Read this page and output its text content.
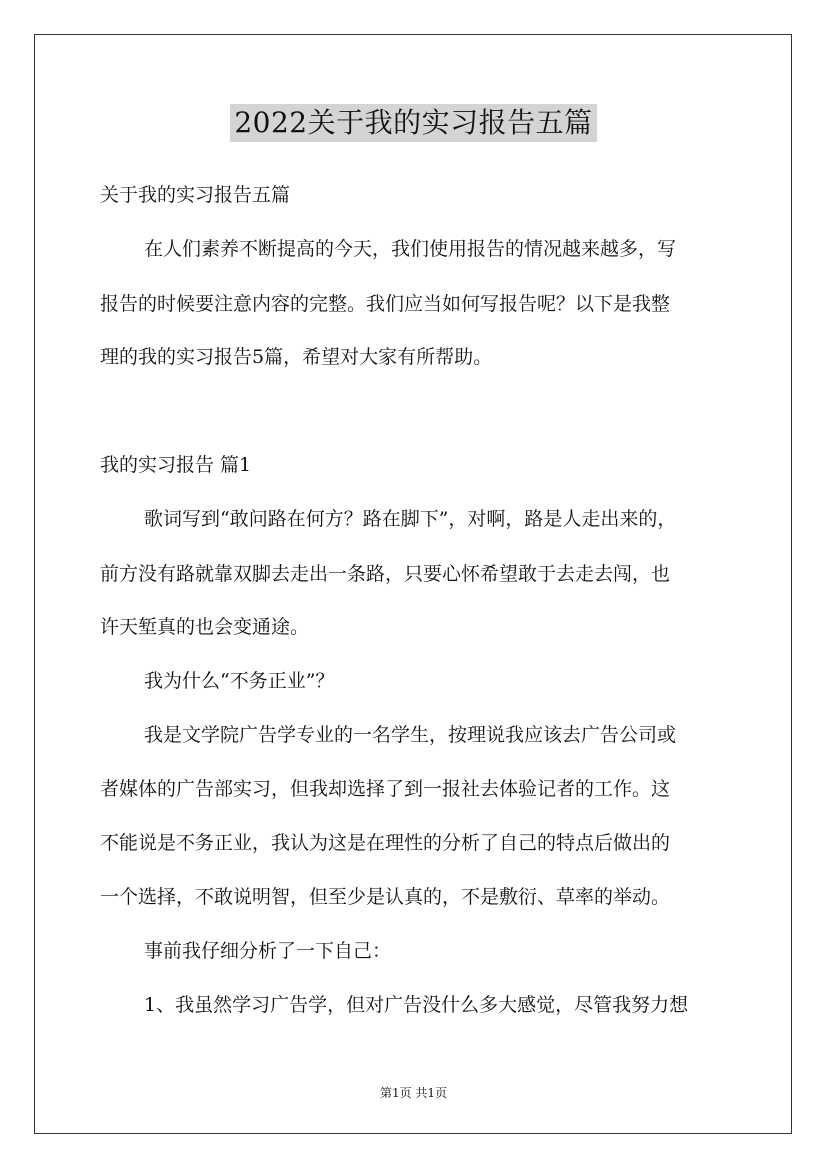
2022关于我的实习报告五篇
关于我的实习报告五篇
在人们素养不断提高的今天，我们使用报告的情况越来越多，写
报告的时候要注意内容的完整。我们应当如何写报告呢？以下是我整
理的我的实习报告5篇，希望对大家有所帮助。
我的实习报告 篇1
歌词写到“敢问路在何方？路在脚下”，对啊，路是人走出来的，
前方没有路就靠双脚去走出一条路，只要心怀希望敢于去走去闯，也
许天堑真的也会变通途。
我为什么“不务正业”？
我是文学院广告学专业的一名学生，按理说我应该去广告公司或
者媒体的广告部实习，但我却选择了到一报社去体验记者的工作。这
不能说是不务正业，我认为这是在理性的分析了自己的特点后做出的
一个选择，不敢说明智，但至少是认真的，不是敷衍、草率的举动。
事前我仔细分析了一下自己：
1、我虽然学习广告学，但对广告没什么多大感觉，尽管我努力想
第1页 共1页
